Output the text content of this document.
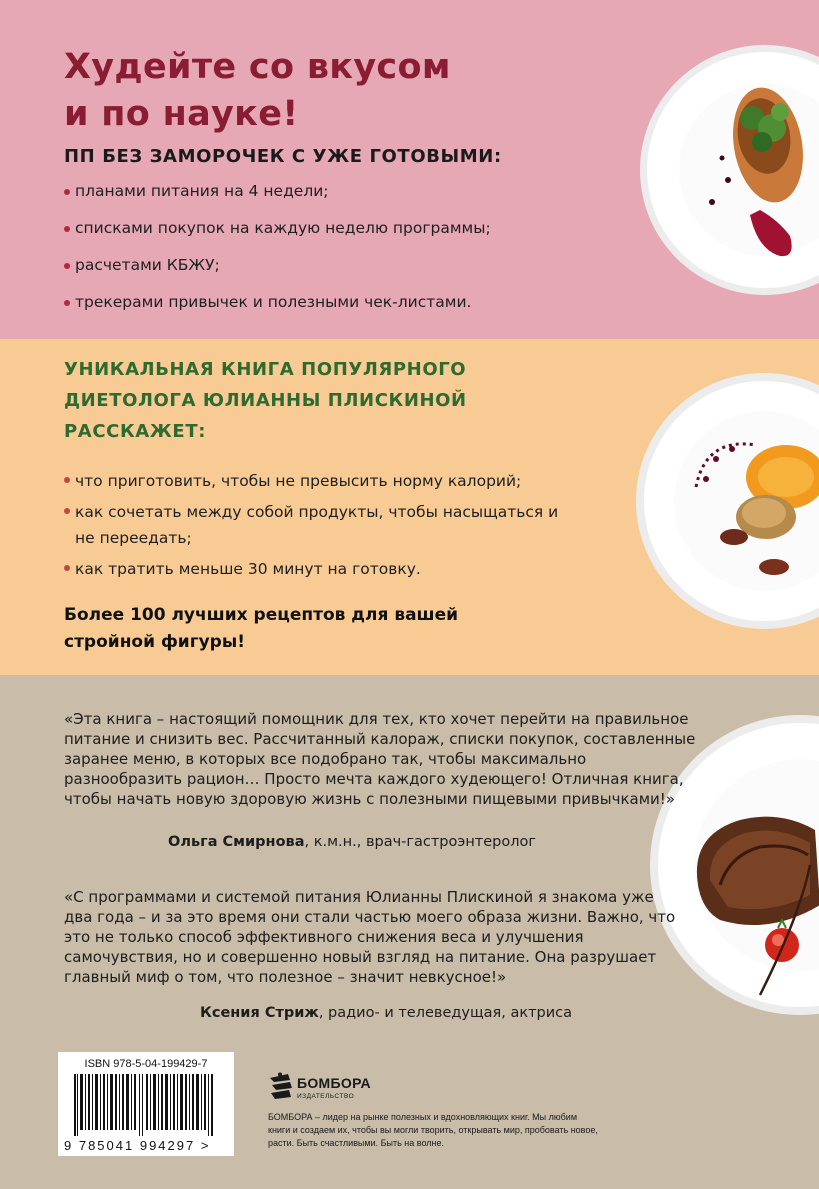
Худейте со вкусом
и по науке!
ПП БЕЗ ЗАМОРОЧЕК С УЖЕ ГОТОВЫМИ:
планами питания на 4 недели;
списками покупок на каждую неделю программы;
расчетами КБЖУ;
трекерами привычек и полезными чек-листами.
УНИКАЛЬНАЯ КНИГА ПОПУЛЯРНОГО
ДИЕТОЛОГА ЮЛИАННЫ ПЛИСКИНОЙ
РАССКАЖЕТ:
что приготовить, чтобы не превысить норму калорий;
как сочетать между собой продукты, чтобы насыщаться и не переедать;
как тратить меньше 30 минут на готовку.

Более 100 лучших рецептов для вашей
стройной фигуры!

«Эта книга – настоящий помощник для тех, кто хочет перейти на правильное питание и снизить вес. Рассчитанный калораж, списки покупок, составленные заранее меню, в которых все подобрано так, чтобы максимально разнообразить рацион… Просто мечта каждого худеющего! Отличная книга, чтобы начать новую здоровую жизнь с полезными пищевыми привычками!»

Ольга Смирнова, к.м.н., врач-гастроэнтеролог

«С программами и системой питания Юлианны Плискиной я знакома уже два года – и за это время они стали частью моего образа жизни. Важно, что это не только способ эффективного снижения веса и улучшения самочувствия, но и совершенно новый взгляд на питание. Она разрушает главный миф о том, что полезное – значит невкусное!»

Ксения Стриж, радио- и телеведущая, актриса

ISBN 978-5-04-199429-7
9 785041 994297 >
БОМБОРА
ИЗДАТЕЛЬСТВО

БОМБОРА – лидер на рынке полезных и вдохновляющих книг. Мы любим книги и создаем их, чтобы вы могли творить, открывать мир, пробовать новое, расти. Быть счастливыми. Быть на волне.
